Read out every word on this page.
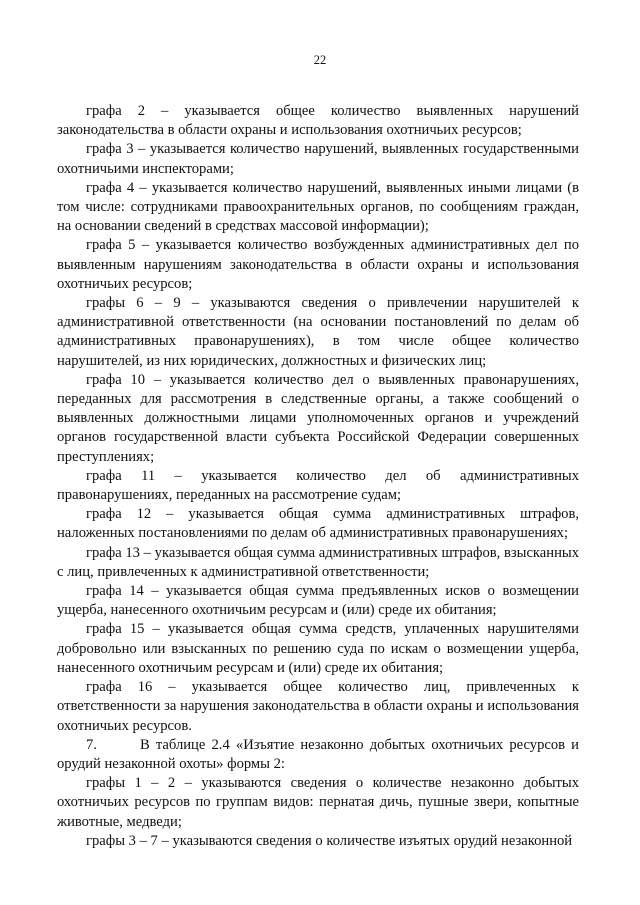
22

графа 2 – указывается общее количество выявленных нарушений законодательства в области охраны и использования охотничьих ресурсов;

графа 3 – указывается количество нарушений, выявленных государственными охотничьими инспекторами;

графа 4 – указывается количество нарушений, выявленных иными лицами (в том числе: сотрудниками правоохранительных органов, по сообщениям граждан, на основании сведений в средствах массовой информации);

графа 5 – указывается количество возбужденных административных дел по выявленным нарушениям законодательства в области охраны и использования охотничьих ресурсов;

графы 6 – 9 – указываются сведения о привлечении нарушителей к административной ответственности (на основании постановлений по делам об административных правонарушениях), в том числе общее количество нарушителей, из них юридических, должностных и физических лиц;

графа 10 – указывается количество дел о выявленных правонарушениях, переданных для рассмотрения в следственные органы, а также сообщений о выявленных должностными лицами уполномоченных органов и учреждений органов государственной власти субъекта Российской Федерации совершенных преступлениях;

графа 11 – указывается количество дел об административных правонарушениях, переданных на рассмотрение судам;

графа 12 – указывается общая сумма административных штрафов, наложенных постановлениями по делам об административных правонарушениях;

графа 13 – указывается общая сумма административных штрафов, взысканных с лиц, привлеченных к административной ответственности;

графа 14 – указывается общая сумма предъявленных исков о возмещении ущерба, нанесенного охотничьим ресурсам и (или) среде их обитания;

графа 15 – указывается общая сумма средств, уплаченных нарушителями добровольно или взысканных по решению суда по искам о возмещении ущерба, нанесенного охотничьим ресурсам и (или) среде их обитания;

графа 16 – указывается общее количество лиц, привлеченных к ответственности за нарушения законодательства в области охраны и использования охотничьих ресурсов.

7.       В таблице 2.4 «Изъятие незаконно добытых охотничьих ресурсов и орудий незаконной охоты» формы 2:

графы 1 – 2 – указываются сведения о количестве незаконно добытых охотничьих ресурсов по группам видов: пернатая дичь, пушные звери, копытные животные, медведи;

графы 3 – 7 – указываются сведения о количестве изъятых орудий незаконной
